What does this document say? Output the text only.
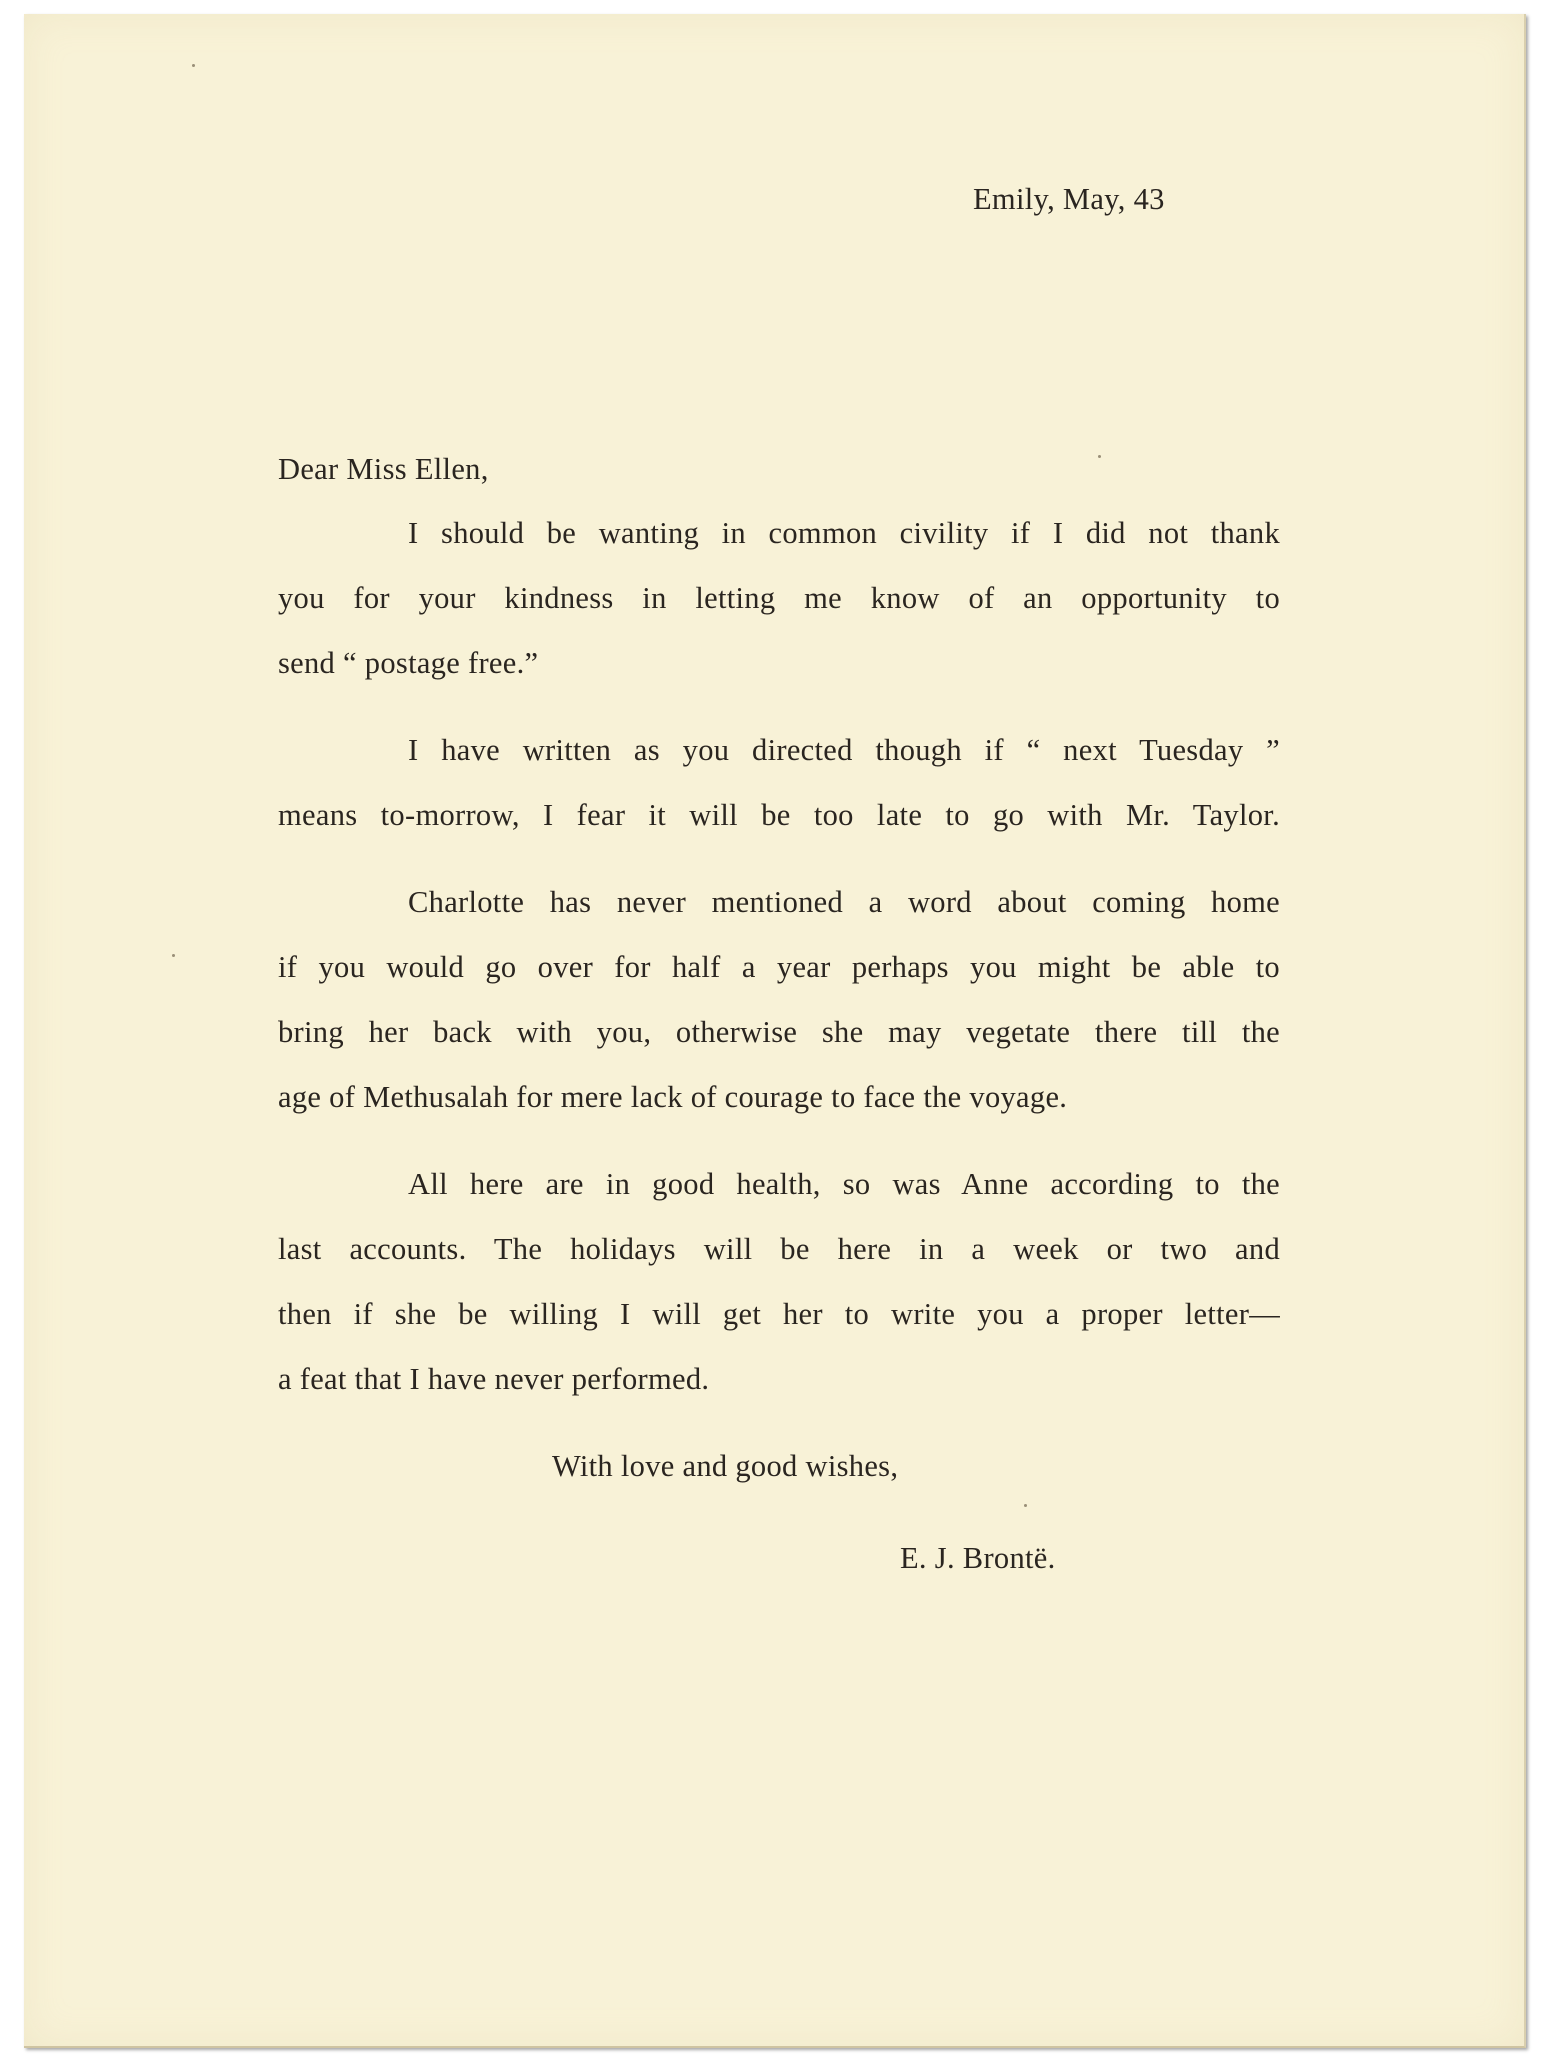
Emily, May, 43
Dear Miss Ellen,
I should be wanting in common civility if I did not thank
you for your kindness in letting me know of an opportunity to
send “ postage free.”
I have written as you directed though if “ next Tuesday ”
means to-morrow, I fear it will be too late to go with Mr. Taylor.
Charlotte has never mentioned a word about coming home
if you would go over for half a year perhaps you might be able to
bring her back with you, otherwise she may vegetate there till the
age of Methusalah for mere lack of courage to face the voyage.
All here are in good health, so was Anne according to the
last accounts. The holidays will be here in a week or two and
then if she be willing I will get her to write you a proper letter—
a feat that I have never performed.
With love and good wishes,
E. J. Brontë.
